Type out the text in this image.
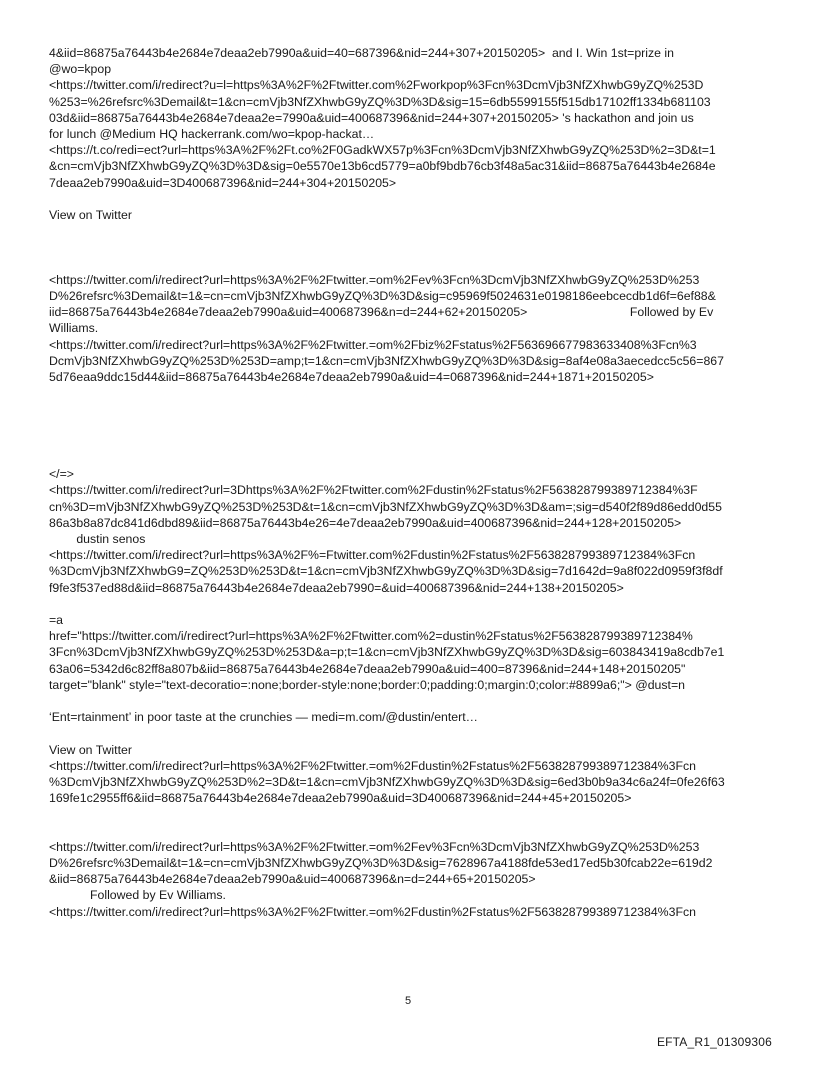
4&iid=86875a76443b4e2684e7deaa2eb7990a&uid=40=687396&nid=244+307+20150205>  and I. Win 1st=prize in
@wo=kpop
<https://twitter.com/i/redirect?u=l=https%3A%2F%2Ftwitter.com%2Fworkpop%3Fcn%3DcmVjb3NfZXhwbG9yZQ%253D
%253=%26refsrc%3Demail&t=1&cn=cmVjb3NfZXhwbG9yZQ%3D%3D&sig=15=6db5599155f515db17102ff1334b681103
03d&iid=86875a76443b4e2684e7deaa2e=7990a&uid=400687396&nid=244+307+20150205> 's hackathon and join us
for lunch @Medium HQ hackerrank.com/wo=kpop-hackat…
<https://t.co/redi=ect?url=https%3A%2F%2Ft.co%2F0GadkWX57p%3Fcn%3DcmVjb3NfZXhwbG9yZQ%253D%2=3D&t=1
&cn=cmVjb3NfZXhwbG9yZQ%3D%3D&sig=0e5570e13b6cd5779=a0bf9bdb76cb3f48a5ac31&iid=86875a76443b4e2684e
7deaa2eb7990a&uid=3D400687396&nid=244+304+20150205>
View on Twitter
<https://twitter.com/i/redirect?url=https%3A%2F%2Ftwitter.=om%2Fev%3Fcn%3DcmVjb3NfZXhwbG9yZQ%253D%253
D%26refsrc%3Demail&t=1&=cn=cmVjb3NfZXhwbG9yZQ%3D%3D&sig=c95969f5024631e0198186eebcecdb1d6f=6ef88&
iid=86875a76443b4e2684e7deaa2eb7990a&uid=400687396&n=d=244+62+20150205>                              Followed by Ev
Williams.
<https://twitter.com/i/redirect?url=https%3A%2F%2Ftwitter.=om%2Fbiz%2Fstatus%2F563696677983633408%3Fcn%3
DcmVjb3NfZXhwbG9yZQ%253D%253D=amp;t=1&cn=cmVjb3NfZXhwbG9yZQ%3D%3D&sig=8af4e08a3aecedcc5c56=867
5d76eaa9ddc15d44&iid=86875a76443b4e2684e7deaa2eb7990a&uid=4=0687396&nid=244+1871+20150205>
</=>
<https://twitter.com/i/redirect?url=3Dhttps%3A%2F%2Ftwitter.com%2Fdustin%2Fstatus%2F563828799389712384%3F
cn%3D=mVjb3NfZXhwbG9yZQ%253D%253D&t=1&cn=cmVjb3NfZXhwbG9yZQ%3D%3D&am=;sig=d540f2f89d86edd0d55
86a3b8a87dc841d6dbd89&iid=86875a76443b4e26=4e7deaa2eb7990a&uid=400687396&nid=244+128+20150205>
dustin senos
<https://twitter.com/i/redirect?url=https%3A%2F%=Ftwitter.com%2Fdustin%2Fstatus%2F563828799389712384%3Fcn
%3DcmVjb3NfZXhwbG9=ZQ%253D%253D&t=1&cn=cmVjb3NfZXhwbG9yZQ%3D%3D&sig=7d1642d=9a8f022d0959f3f8df
f9fe3f537ed88d&iid=86875a76443b4e2684e7deaa2eb7990=&uid=400687396&nid=244+138+20150205>
=a
href="https://twitter.com/i/redirect?url=https%3A%2F%2Ftwitter.com%2=dustin%2Fstatus%2F563828799389712384%
3Fcn%3DcmVjb3NfZXhwbG9yZQ%253D%253D&a=p;t=1&cn=cmVjb3NfZXhwbG9yZQ%3D%3D&sig=603843419a8cdb7e1
63a06=5342d6c82ff8a807b&iid=86875a76443b4e2684e7deaa2eb7990a&uid=400=87396&nid=244+148+20150205"
target="blank" style="text-decoratio=:none;border-style:none;border:0;padding:0;margin:0;color:#8899a6;"> @dust=n
‘Ent=rtainment’ in poor taste at the crunchies — medi=m.com/@dustin/entert…
View on Twitter
<https://twitter.com/i/redirect?url=https%3A%2F%2Ftwitter.=om%2Fdustin%2Fstatus%2F563828799389712384%3Fcn
%3DcmVjb3NfZXhwbG9yZQ%253D%2=3D&t=1&cn=cmVjb3NfZXhwbG9yZQ%3D%3D&sig=6ed3b0b9a34c6a24f=0fe26f63
169fe1c2955ff6&iid=86875a76443b4e2684e7deaa2eb7990a&uid=3D400687396&nid=244+45+20150205>
<https://twitter.com/i/redirect?url=https%3A%2F%2Ftwitter.=om%2Fev%3Fcn%3DcmVjb3NfZXhwbG9yZQ%253D%253
D%26refsrc%3Demail&t=1&=cn=cmVjb3NfZXhwbG9yZQ%3D%3D&sig=7628967a4188fde53ed17ed5b30fcab22e=619d2
&iid=86875a76443b4e2684e7deaa2eb7990a&uid=400687396&n=d=244+65+20150205>
Followed by Ev Williams.
<https://twitter.com/i/redirect?url=https%3A%2F%2Ftwitter.=om%2Fdustin%2Fstatus%2F563828799389712384%3Fcn
5
EFTA_R1_01309306
